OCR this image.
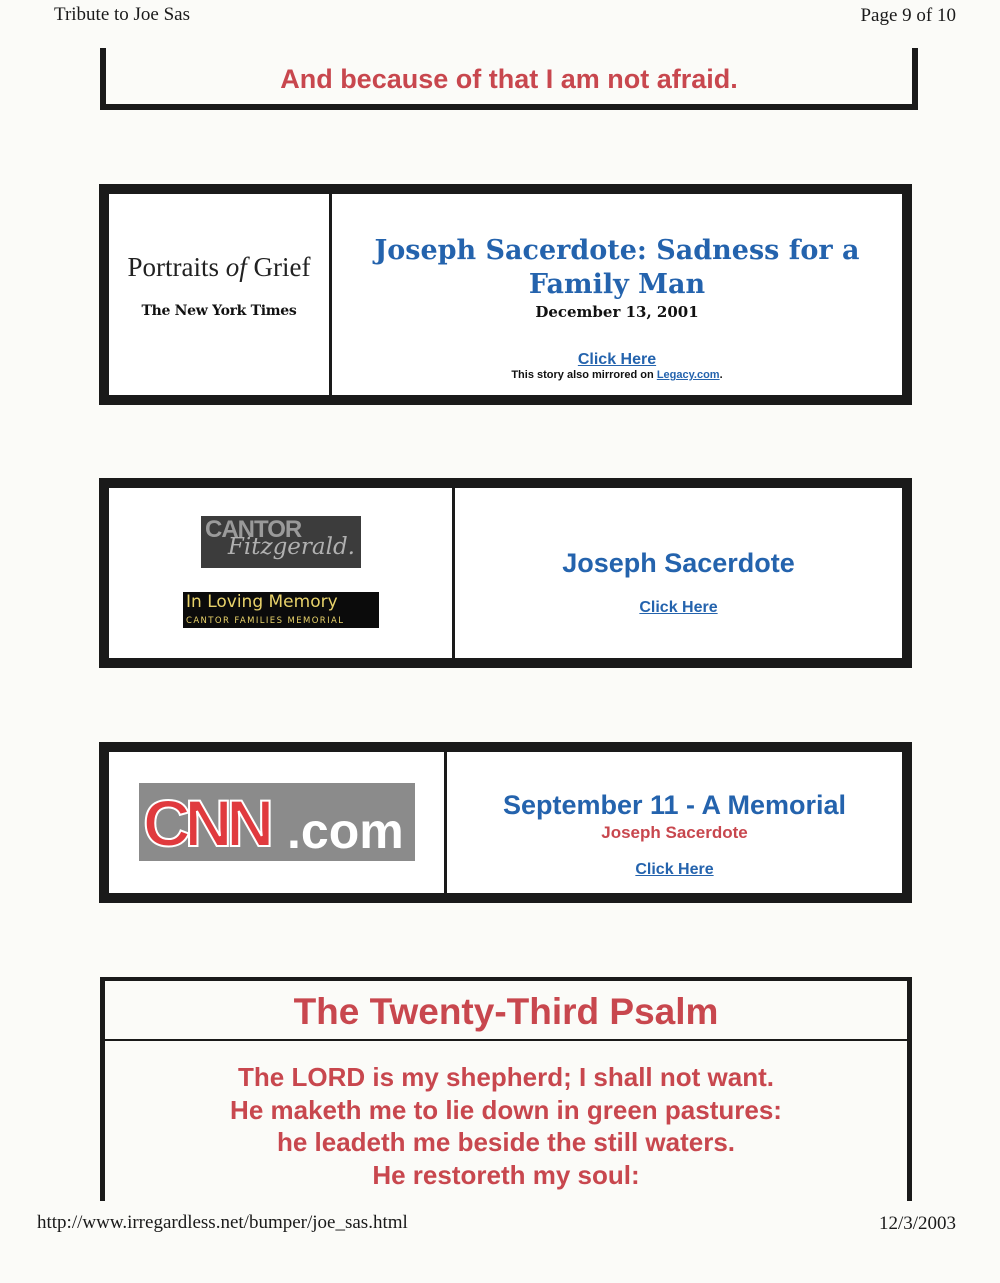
Tribute to Joe Sas	Page 9 of 10
And because of that I am not afraid.
Portraits of Grief
The New York Times
Joseph Sacerdote: Sadness for a Family Man
December 13, 2001
Click Here
This story also mirrored on Legacy.com.
CANTOR
Fitzgerald.
In Loving Memory
CANTOR FAMILIES MEMORIAL
Joseph Sacerdote
Click Here
CNN .com	September 11 - A Memorial
Joseph Sacerdote
Click Here
The Twenty-Third Psalm
The LORD is my shepherd; I shall not want.
He maketh me to lie down in green pastures:
he leadeth me beside the still waters.
He restoreth my soul:
http://www.irregardless.net/bumper/joe_sas.html	12/3/2003
